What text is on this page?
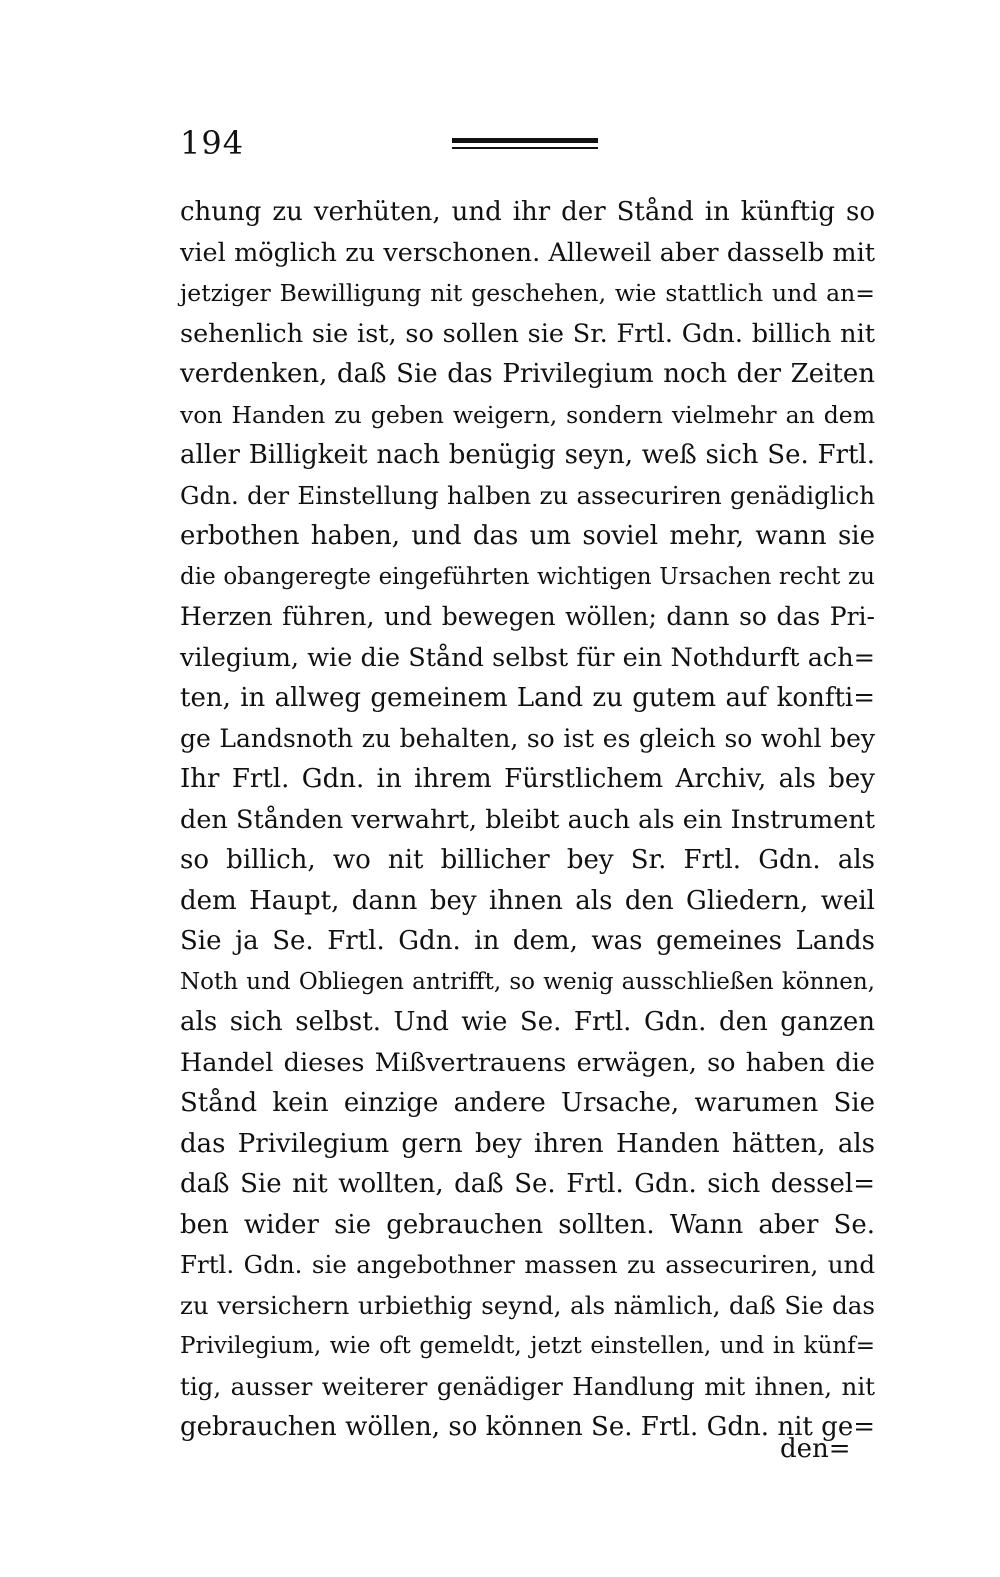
194
chung zu verhüten, und ihr der Stånd in künftig so
viel möglich zu verschonen. Alleweil aber dasselb mit
jetziger Bewilligung nit geschehen, wie stattlich und an=
sehenlich sie ist, so sollen sie Sr. Frtl. Gdn. billich nit
verdenken, daß Sie das Privilegium noch der Zeiten
von Handen zu geben weigern, sondern vielmehr an dem
aller Billigkeit nach benügig seyn, weß sich Se. Frtl.
Gdn. der Einstellung halben zu assecuriren genädiglich
erbothen haben, und das um soviel mehr, wann sie
die obangeregte eingeführten wichtigen Ursachen recht zu
Herzen führen, und bewegen wöllen; dann so das Pri-
vilegium, wie die Stånd selbst für ein Nothdurft ach=
ten, in allweg gemeinem Land zu gutem auf konfti=
ge Landsnoth zu behalten, so ist es gleich so wohl bey
Ihr Frtl. Gdn. in ihrem Fürstlichem Archiv, als bey
den Stånden verwahrt, bleibt auch als ein Instrument
so billich, wo nit billicher bey Sr. Frtl. Gdn. als
dem Haupt, dann bey ihnen als den Gliedern, weil
Sie ja Se. Frtl. Gdn. in dem, was gemeines Lands
Noth und Obliegen antrifft, so wenig ausschließen können,
als sich selbst. Und wie Se. Frtl. Gdn. den ganzen
Handel dieses Mißvertrauens erwägen, so haben die
Stånd kein einzige andere Ursache, warumen Sie
das Privilegium gern bey ihren Handen hätten, als
daß Sie nit wollten, daß Se. Frtl. Gdn. sich dessel=
ben wider sie gebrauchen sollten. Wann aber Se.
Frtl. Gdn. sie angebothner massen zu assecuriren, und
zu versichern urbiethig seynd, als nämlich, daß Sie das
Privilegium, wie oft gemeldt, jetzt einstellen, und in künf=
tig, ausser weiterer genädiger Handlung mit ihnen, nit
gebrauchen wöllen, so können Se. Frtl. Gdn. nit ge=
den=
